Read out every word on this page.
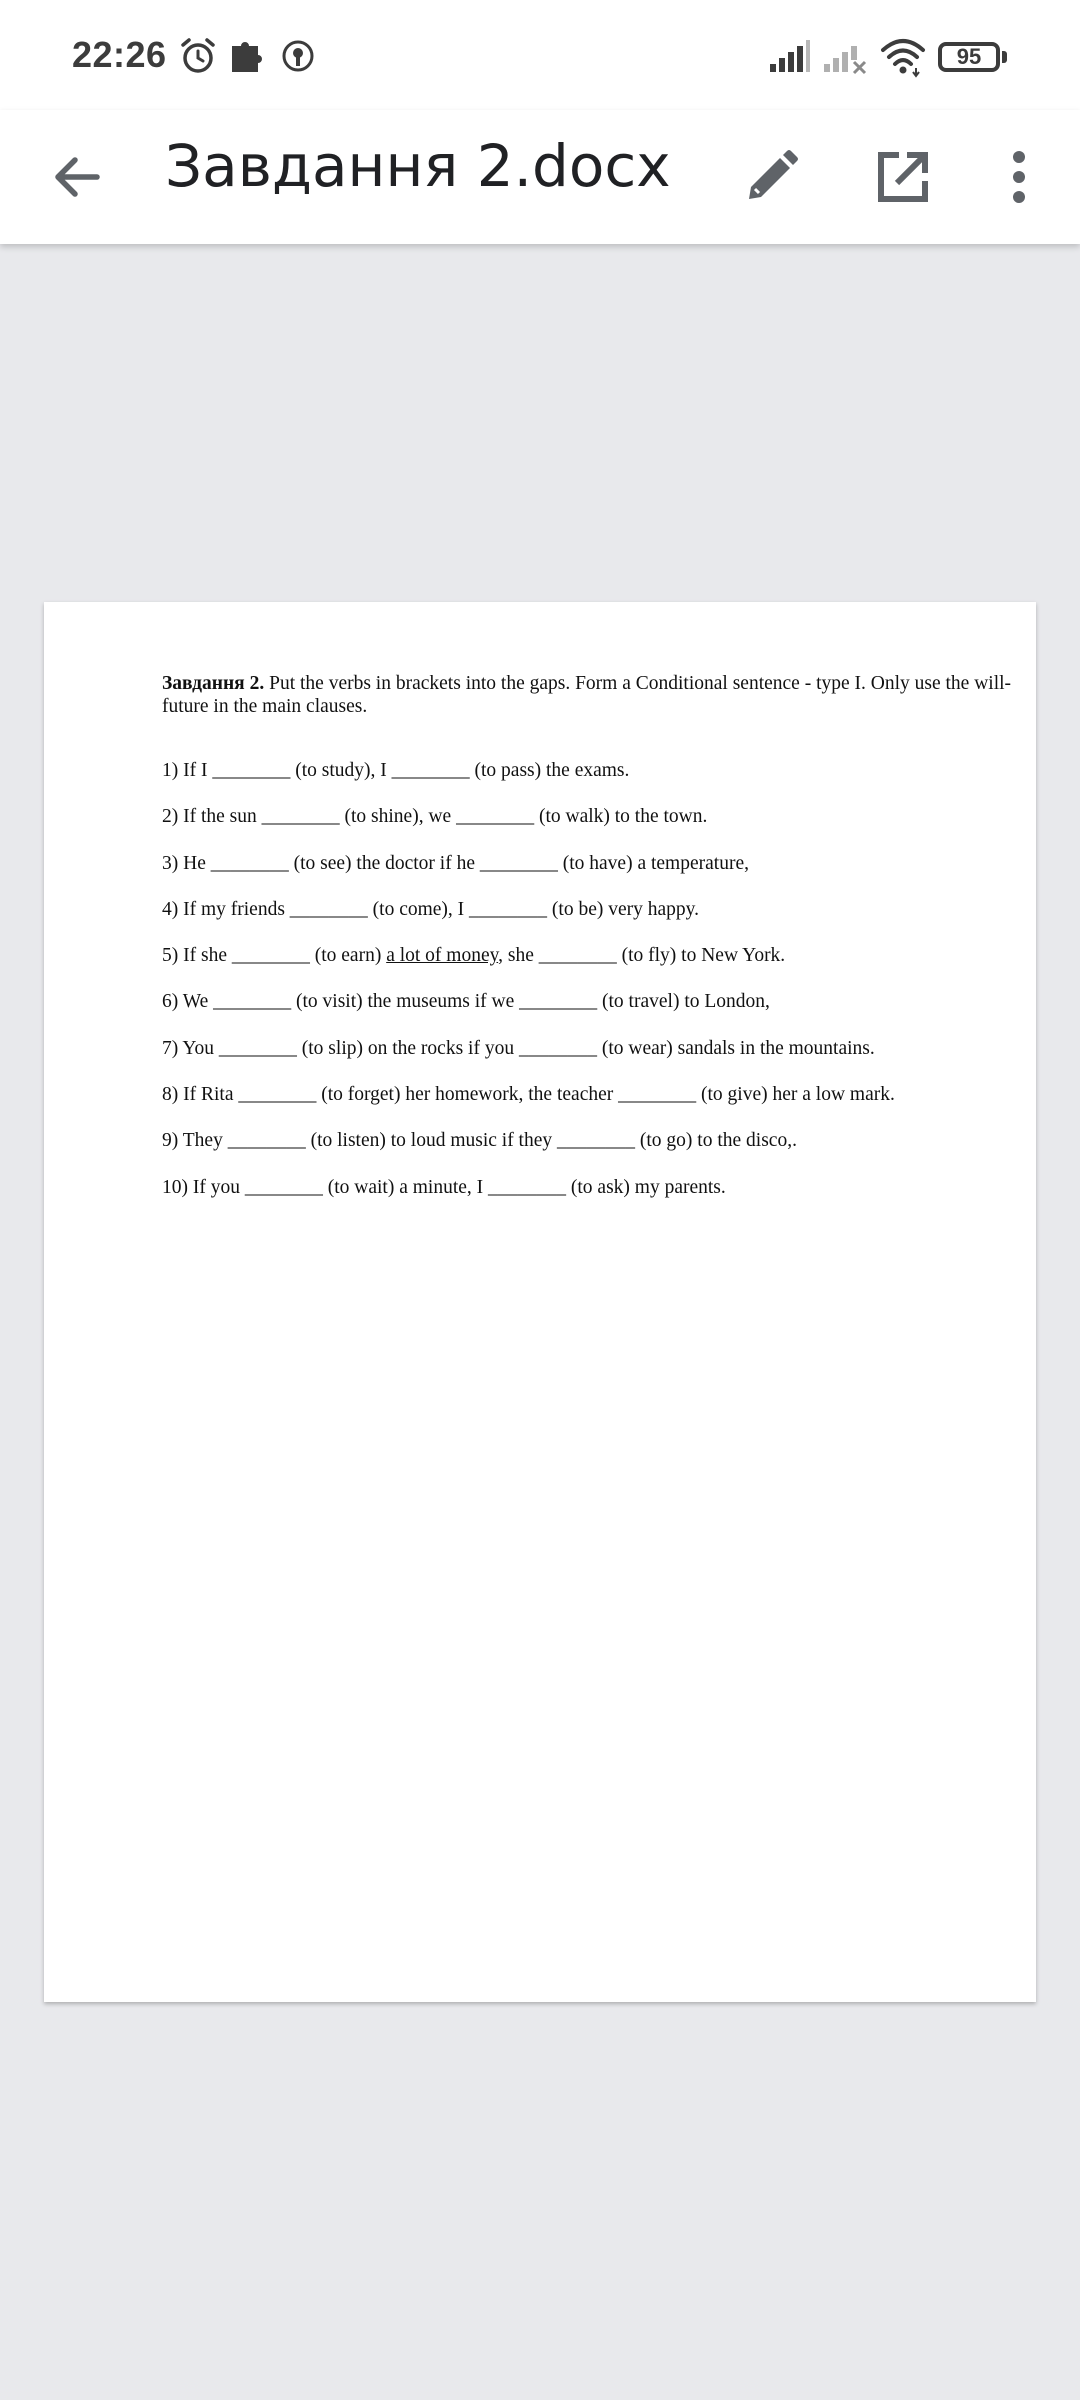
22:26	95
Завдання 2.docx

Завдання 2. Put the verbs in brackets into the gaps. Form a Conditional sentence - type I. Only use the will-future in the main clauses.

1) If I ________ (to study), I ________ (to pass) the exams.

2) If the sun ________ (to shine), we ________ (to walk) to the town.

3) He ________ (to see) the doctor if he ________ (to have) a temperature,

4) If my friends ________ (to come), I ________ (to be) very happy.

5) If she ________ (to earn) a lot of money, she ________ (to fly) to New York.

6) We ________ (to visit) the museums if we ________ (to travel) to London,

7) You ________ (to slip) on the rocks if you ________ (to wear) sandals in the mountains.

8) If Rita ________ (to forget) her homework, the teacher ________ (to give) her a low mark.

9) They ________ (to listen) to loud music if they ________ (to go) to the disco,.

10) If you ________ (to wait) a minute, I ________ (to ask) my parents.
